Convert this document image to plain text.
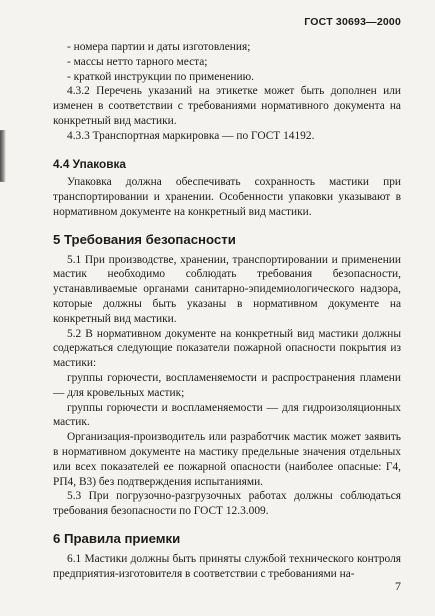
ГОСТ 30693—2000

- номера партии и даты изготовления;

- массы нетто тарного места;

- краткой инструкции по применению.

4.3.2 Перечень указаний на этикетке может быть дополнен или изменен в соответствии с требованиями нормативного документа на конкретный вид мастики.

4.3.3 Транспортная маркировка — по ГОСТ 14192.

4.4 Упаковка

Упаковка должна обеспечивать сохранность мастики при транспортировании и хранении. Особенности упаковки указывают в нормативном документе на конкретный вид мастики.

5 Требования безопасности

5.1 При производстве, хранении, транспортировании и применении мастик необходимо соблюдать требования безопасности, устанавливаемые органами санитарно-эпидемиологического надзора, которые должны быть указаны в нормативном документе на конкретный вид мастики.

5.2 В нормативном документе на конкретный вид мастики должны содержаться следующие показатели пожарной опасности покрытия из мастики:

группы горючести, воспламеняемости и распространения пламени — для кровельных мастик;

группы горючести и воспламеняемости — для гидроизоляционных мастик.

Организация-производитель или разработчик мастик может заявить в нормативном документе на мастику предельные значения отдельных или всех показателей ее пожарной опасности (наиболее опасные: Г4, РП4, В3) без подтверждения испытаниями.

5.3 При погрузочно-разгрузочных работах должны соблюдаться требования безопасности по ГОСТ 12.3.009.

6 Правила приемки

6.1 Мастики должны быть приняты службой технического контроля предприятия-изготовителя в соответствии с требованиями на-

7
